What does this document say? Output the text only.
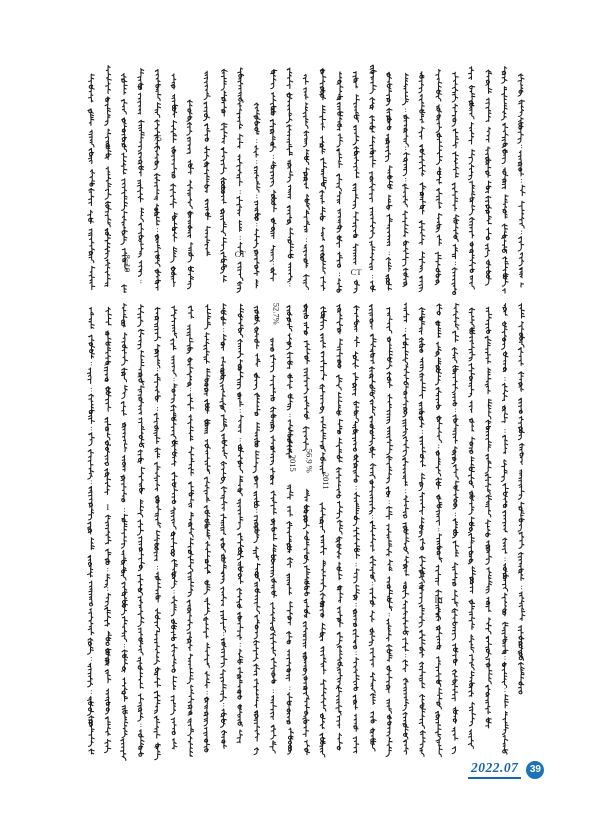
8~10
75
CT
CT
I
52.7%
5
2015 56.9 %
2011
II
III
2022.07	39
